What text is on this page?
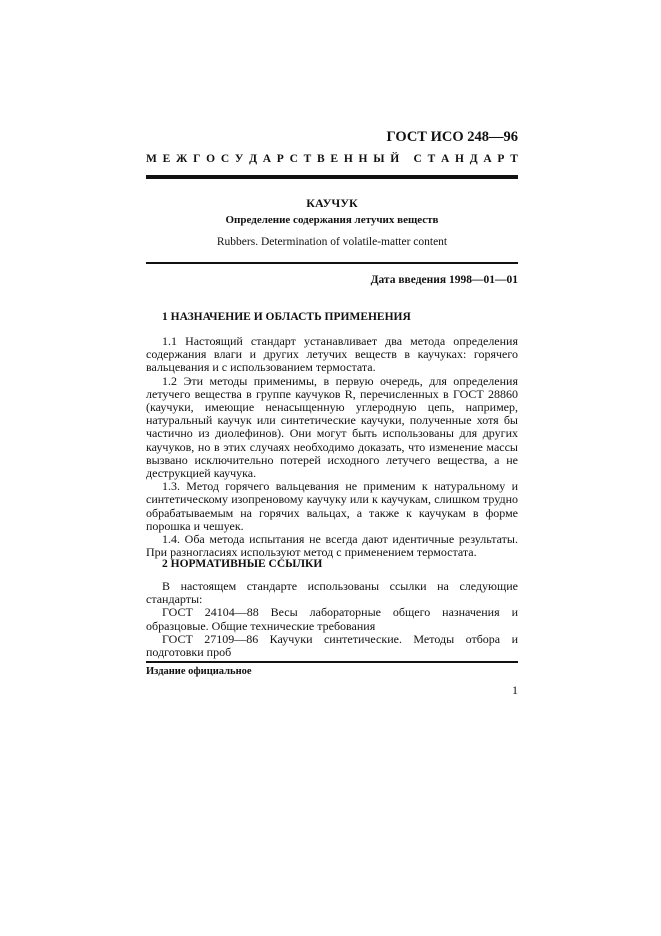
ГОСТ ИСО 248—96
М Е Ж Г О С У Д А Р С Т В Е Н Н Ы Й
С Т А Н Д А Р Т
КАУЧУК
Определение содержания летучих веществ
Rubbers. Determination of volatile-matter content
Дата введения 1998—01—01
1 НАЗНАЧЕНИЕ И ОБЛАСТЬ ПРИМЕНЕНИЯ

1.1 Настоящий стандарт устанавливает два метода определения содержания влаги и других летучих веществ в каучуках: горячего вальцевания и с использованием термостата.

1.2 Эти методы применимы, в первую очередь, для определения летучего вещества в группе каучуков R, перечисленных в ГОСТ 28860 (каучуки, имеющие ненасыщенную углеродную цепь, например, натуральный каучук или синтетические каучуки, полученные хотя бы частично из диолефинов). Они могут быть использованы для других каучуков, но в этих случаях необходимо доказать, что изменение массы вызвано исключительно потерей исходного летучего вещества, а не деструкцией каучука.

1.3. Метод горячего вальцевания не применим к натуральному и синтетическому изопреновому каучуку или к каучукам, слишком трудно обрабатываемым на горячих вальцах, а также к каучукам в форме порошка и чешуек.

1.4. Оба метода испытания не всегда дают идентичные результаты. При разногласиях используют метод с применением термостата.

2 НОРМАТИВНЫЕ ССЫЛКИ

В настоящем стандарте использованы ссылки на следующие стандарты:

ГОСТ 24104—88 Весы лабораторные общего назначения и образцовые. Общие технические требования

ГОСТ 27109—86 Каучуки синтетические. Методы отбора и подготовки проб

Издание официальное
1
